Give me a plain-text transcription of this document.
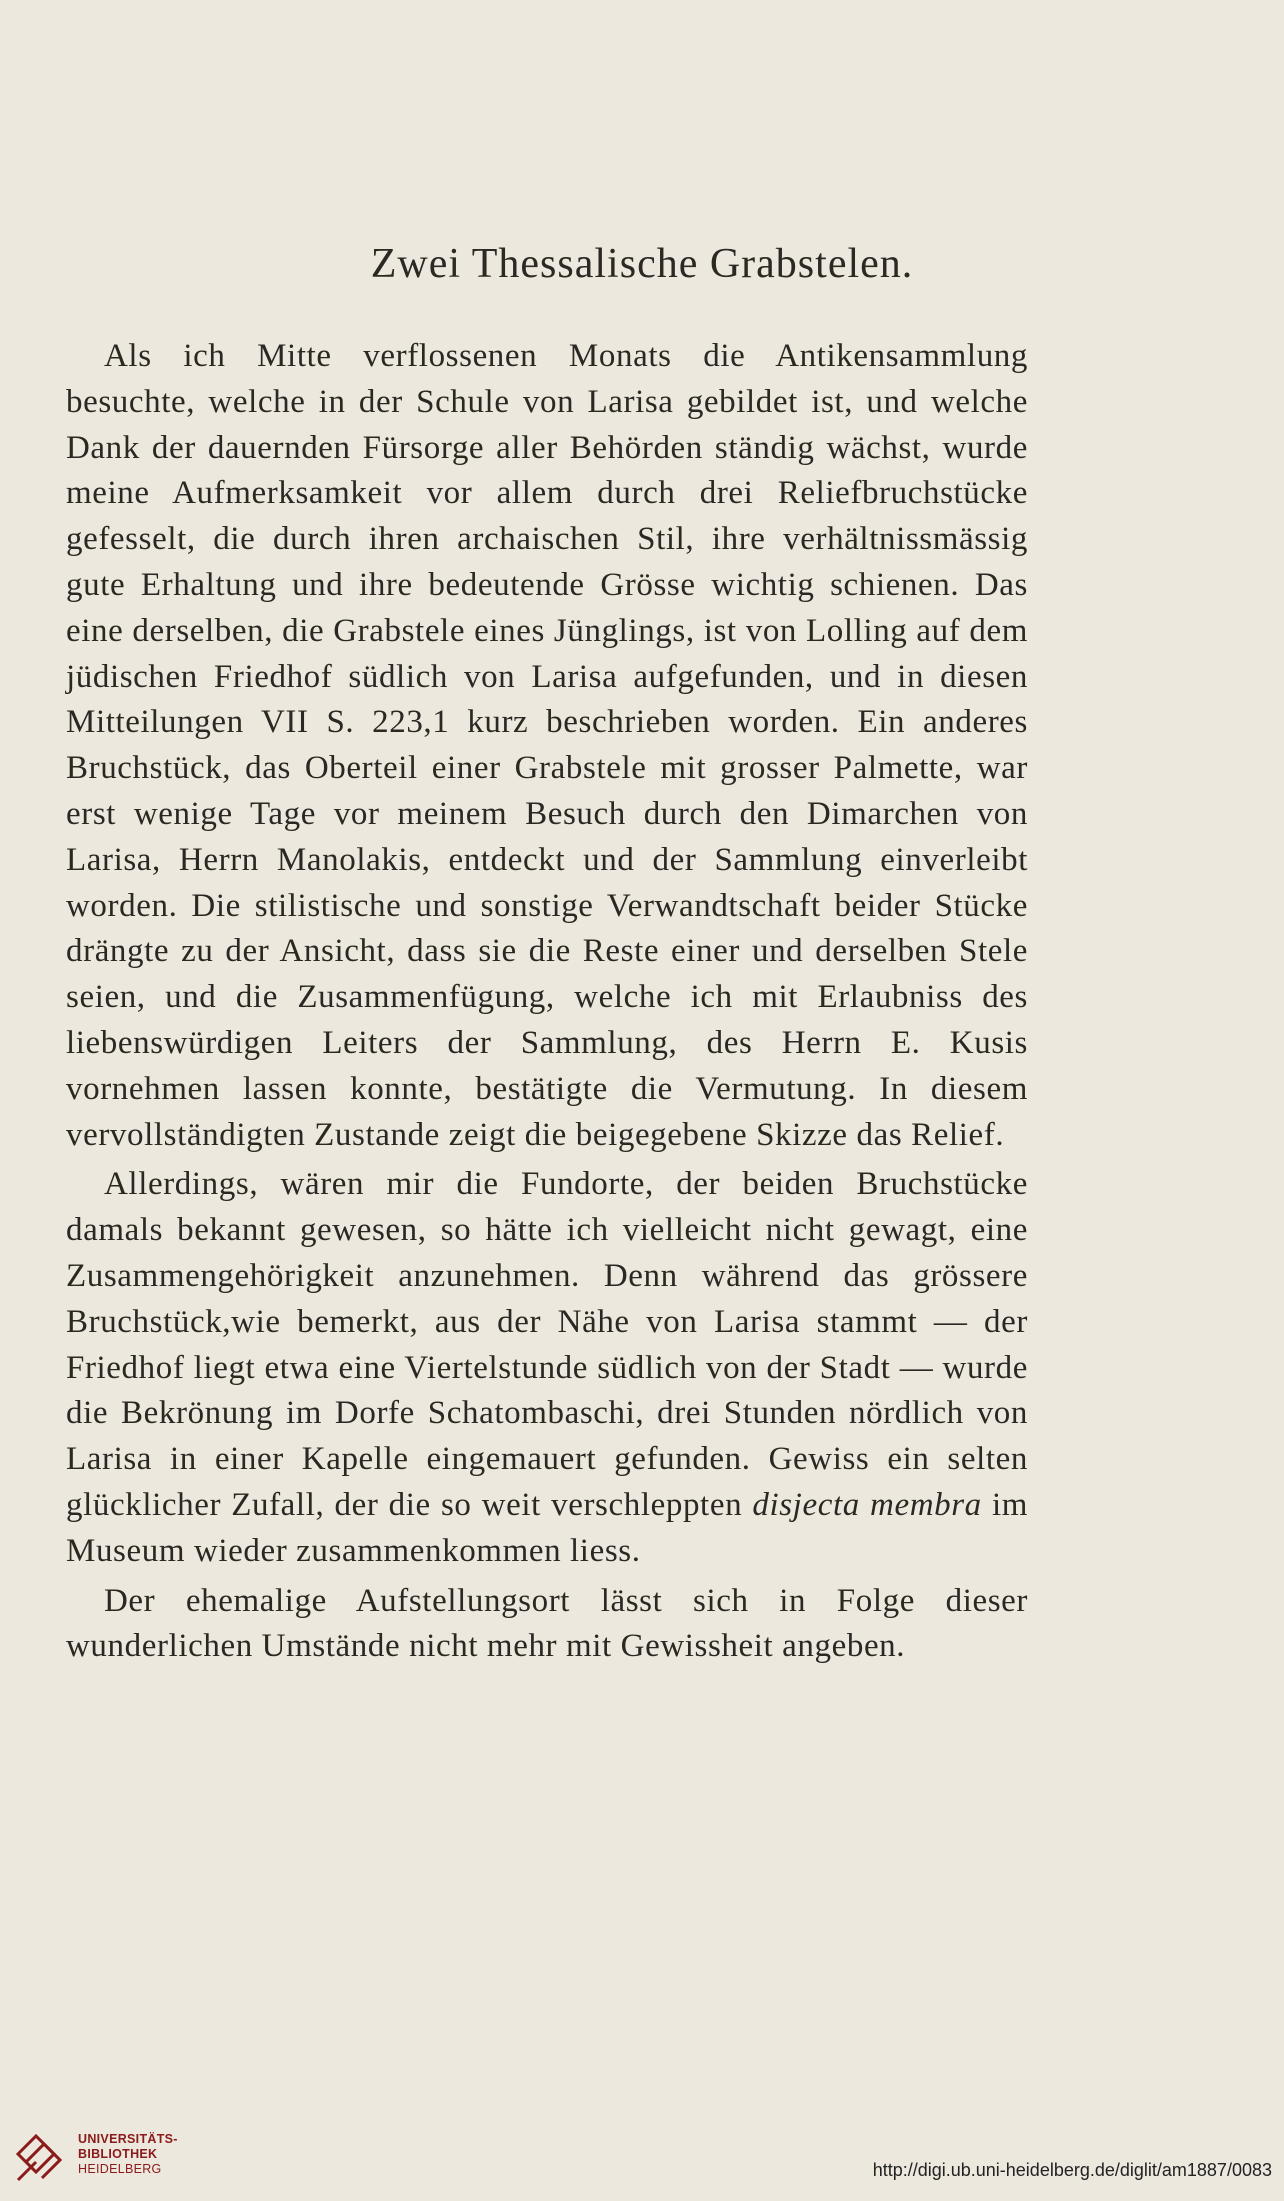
Zwei Thessalische Grabstelen.

Als ich Mitte verflossenen Monats die Antikensammlung besuchte, welche in der Schule von Larisa gebildet ist, und welche Dank der dauernden Fürsorge aller Behörden ständig wächst, wurde meine Aufmerksamkeit vor allem durch drei Reliefbruchstücke gefesselt, die durch ihren archaischen Stil, ihre verhältnissmässig gute Erhaltung und ihre bedeutende Grösse wichtig schienen. Das eine derselben, die Grabstele eines Jünglings, ist von Lolling auf dem jüdischen Friedhof südlich von Larisa aufgefunden, und in diesen Mitteilungen VII S. 223,1 kurz beschrieben worden. Ein anderes Bruchstück, das Oberteil einer Grabstele mit grosser Palmette, war erst wenige Tage vor meinem Besuch durch den Dimarchen von Larisa, Herrn Manolakis, entdeckt und der Sammlung einverleibt worden. Die stilistische und sonstige Verwandtschaft beider Stücke drängte zu der Ansicht, dass sie die Reste einer und derselben Stele seien, und die Zusammenfügung, welche ich mit Erlaubniss des liebenswürdigen Leiters der Sammlung, des Herrn E. Kusis vornehmen lassen konnte, bestätigte die Vermutung. In diesem vervollständigten Zustande zeigt die beigegebene Skizze das Relief.

Allerdings, wären mir die Fundorte, der beiden Bruchstücke damals bekannt gewesen, so hätte ich vielleicht nicht gewagt, eine Zusammengehörigkeit anzunehmen. Denn während das grössere Bruchstück,wie bemerkt, aus der Nähe von Larisa stammt — der Friedhof liegt etwa eine Viertelstunde südlich von der Stadt — wurde die Bekrönung im Dorfe Schatombaschi, drei Stunden nördlich von Larisa in einer Kapelle eingemauert gefunden. Gewiss ein selten glücklicher Zufall, der die so weit verschleppten disjecta membra im Museum wieder zusammenkommen liess.

Der ehemalige Aufstellungsort lässt sich in Folge dieser wunderlichen Umstände nicht mehr mit Gewissheit angeben.

UNIVERSITÄTS-
BIBLIOTHEK
HEIDELBERG	http://digi.ub.uni-heidelberg.de/diglit/am1887/0083
